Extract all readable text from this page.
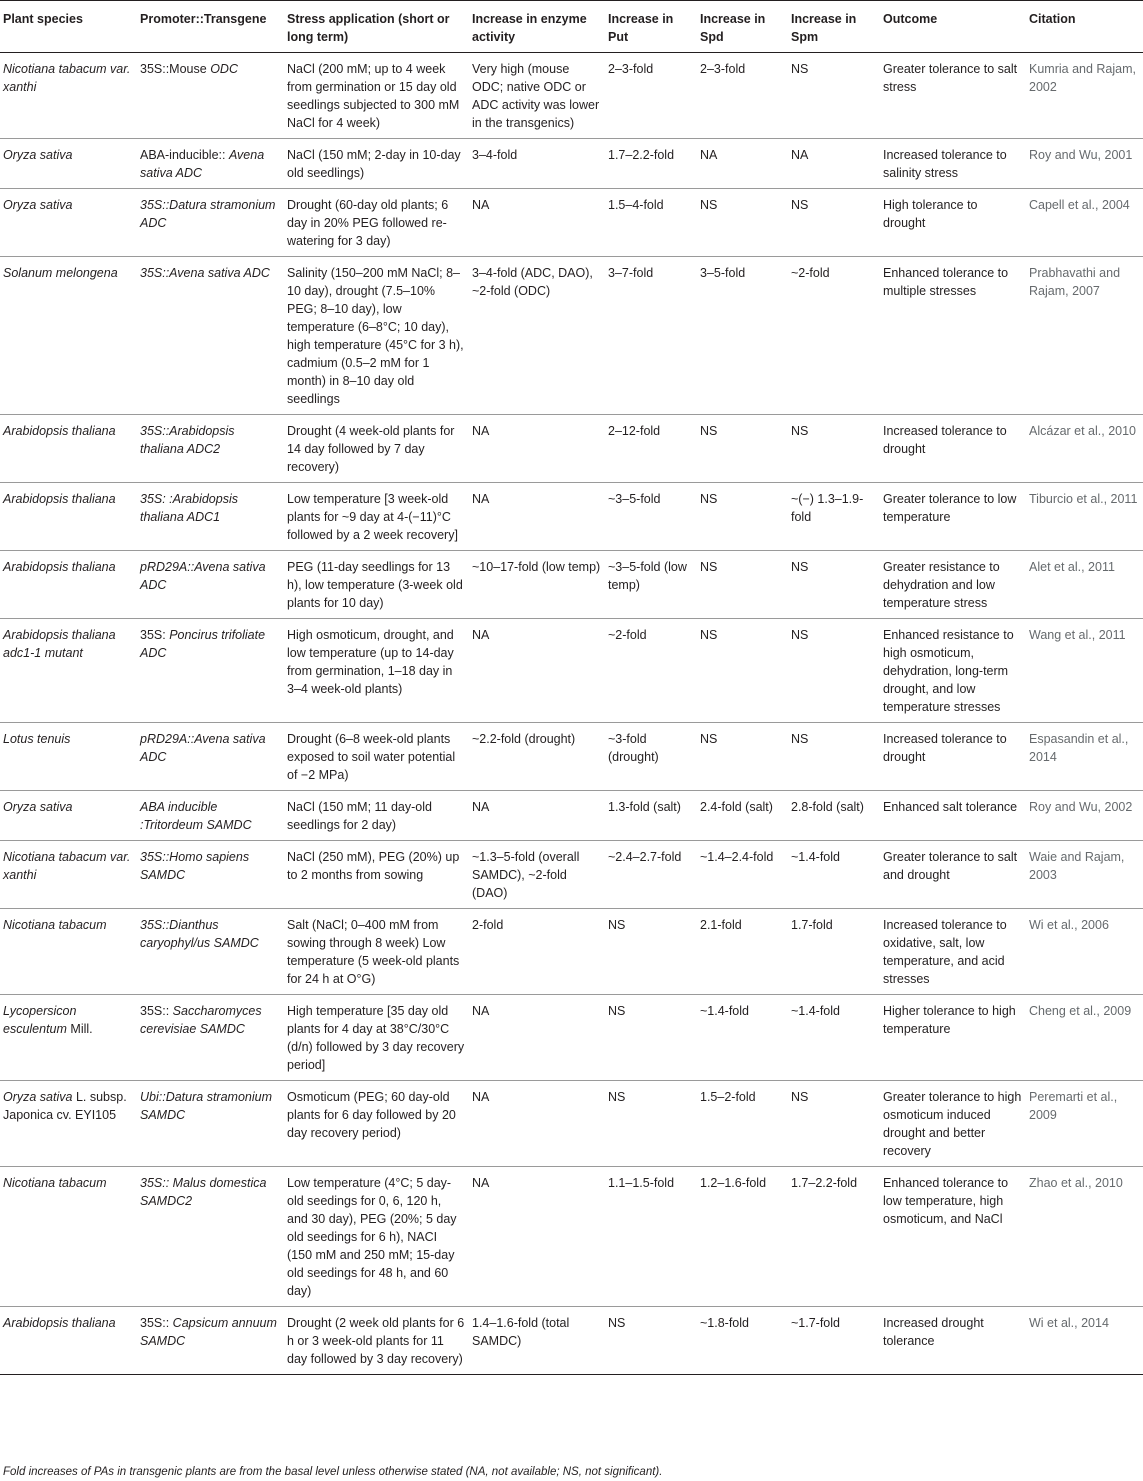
Plant species	Promoter::Transgene	Stress application (short or long term)	Increase in enzyme activity	Increase in Put	Increase in Spd	Increase in Spm	Outcome	Citation
Nicotiana tabacum var. xanthi	35S::Mouse ODC	NaCl (200 mM; up to 4 week from germination or 15 day old seedlings subjected to 300 mM NaCl for 4 week)	Very high (mouse ODC; native ODC or ADC activity was lower in the transgenics)	2–3-fold	2–3-fold	NS	Greater tolerance to salt stress	Kumria and Rajam, 2002
Oryza sativa	ABA-inducible:: Avena sativa ADC	NaCl (150 mM; 2-day in 10-day old seedlings)	3–4-fold	1.7–2.2-fold	NA	NA	Increased tolerance to salinity stress	Roy and Wu, 2001
Oryza sativa	35S::Datura stramonium ADC	Drought (60-day old plants; 6 day in 20% PEG followed re-watering for 3 day)	NA	1.5–4-fold	NS	NS	High tolerance to drought	Capell et al., 2004
Solanum melongena	35S::Avena sativa ADC	Salinity (150–200 mM NaCl; 8–10 day), drought (7.5–10% PEG; 8–10 day), low temperature (6–8°C; 10 day), high temperature (45°C for 3 h), cadmium (0.5–2 mM for 1 month) in 8–10 day old seedlings	3–4-fold (ADC, DAO), ~2-fold (ODC)	3–7-fold	3–5-fold	~2-fold	Enhanced tolerance to multiple stresses	Prabhavathi and Rajam, 2007
Arabidopsis thaliana	35S::Arabidopsis thaliana ADC2	Drought (4 week-old plants for 14 day followed by 7 day recovery)	NA	2–12-fold	NS	NS	Increased tolerance to drought	Alcázar et al., 2010
Arabidopsis thaliana	35S: :Arabidopsis thaliana ADC1	Low temperature [3 week-old plants for ~9 day at 4-(−11)°C followed by a 2 week recovery]	NA	~3–5-fold	NS	~(−) 1.3–1.9-fold	Greater tolerance to low temperature	Tiburcio et al., 2011
Arabidopsis thaliana	pRD29A::Avena sativa ADC	PEG (11-day seedlings for 13 h), low temperature (3-week old plants for 10 day)	~10–17-fold (low temp)	~3–5-fold (low temp)	NS	NS	Greater resistance to dehydration and low temperature stress	Alet et al., 2011
Arabidopsis thaliana adc1-1 mutant	35S: Poncirus trifoliate ADC	High osmoticum, drought, and low temperature (up to 14-day from germination, 1–18 day in 3–4 week-old plants)	NA	~2-fold	NS	NS	Enhanced resistance to high osmoticum, dehydration, long-term drought, and low temperature stresses	Wang et al., 2011
Lotus tenuis	pRD29A::Avena sativa ADC	Drought (6–8 week-old plants exposed to soil water potential of −2 MPa)	~2.2-fold (drought)	~3-fold (drought)	NS	NS	Increased tolerance to drought	Espasandin et al., 2014
Oryza sativa	ABA inducible :Tritordeum SAMDC	NaCl (150 mM; 11 day-old seedlings for 2 day)	NA	1.3-fold (salt)	2.4-fold (salt)	2.8-fold (salt)	Enhanced salt tolerance	Roy and Wu, 2002
Nicotiana tabacum var. xanthi	35S::Homo sapiens SAMDC	NaCl (250 mM), PEG (20%) up to 2 months from sowing	~1.3–5-fold (overall SAMDC), ~2-fold (DAO)	~2.4–2.7-fold	~1.4–2.4-fold	~1.4-fold	Greater tolerance to salt and drought	Waie and Rajam, 2003
Nicotiana tabacum	35S::Dianthus caryophyl/us SAMDC	Salt (NaCl; 0–400 mM from sowing through 8 week) Low temperature (5 week-old plants for 24 h at O°G)	2-fold	NS	2.1-fold	1.7-fold	Increased tolerance to oxidative, salt, low temperature, and acid stresses	Wi et al., 2006
Lycopersicon esculentum Mill.	35S:: Saccharomyces cerevisiae SAMDC	High temperature [35 day old plants for 4 day at 38°C/30°C (d/n) followed by 3 day recovery period]	NA	NS	~1.4-fold	~1.4-fold	Higher tolerance to high temperature	Cheng et al., 2009
Oryza sativa L. subsp. Japonica cv. EYI105	Ubi::Datura stramonium SAMDC	Osmoticum (PEG; 60 day-old plants for 6 day followed by 20 day recovery period)	NA	NS	1.5–2-fold	NS	Greater tolerance to high osmoticum induced drought and better recovery	Peremarti et al., 2009
Nicotiana tabacum	35S:: Malus domestica SAMDC2	Low temperature (4°C; 5 day-old seedings for 0, 6, 120 h, and 30 day), PEG (20%; 5 day old seedings for 6 h), NACI (150 mM and 250 mM; 15-day old seedings for 48 h, and 60 day)	NA	1.1–1.5-fold	1.2–1.6-fold	1.7–2.2-fold	Enhanced tolerance to low temperature, high osmoticum, and NaCl	Zhao et al., 2010
Arabidopsis thaliana	35S:: Capsicum annuum SAMDC	Drought (2 week old plants for 6 h or 3 week-old plants for 11 day followed by 3 day recovery)	1.4–1.6-fold (total SAMDC)	NS	~1.8-fold	~1.7-fold	Increased drought tolerance	Wi et al., 2014
Fold increases of PAs in transgenic plants are from the basal level unless otherwise stated (NA, not available; NS, not significant).
